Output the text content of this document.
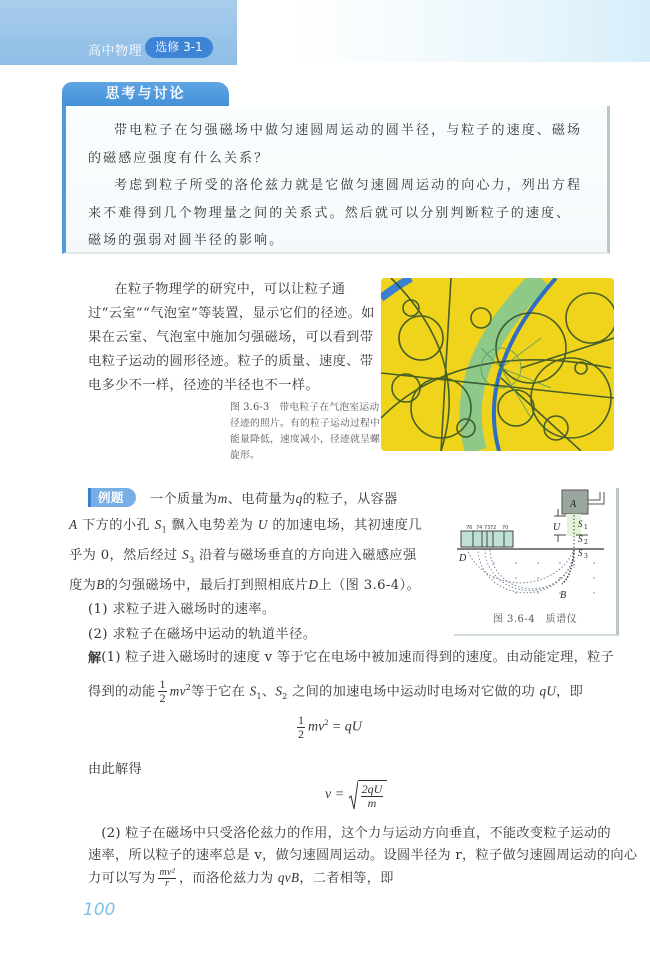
高中物理	选修 3-1
思考与讨论

带电粒子在匀强磁场中做匀速圆周运动的圆半径，与粒子的速度、磁场的磁感应强度有什么关系？

考虑到粒子所受的洛伦兹力就是它做匀速圆周运动的向心力，列出方程来不难得到几个物理量之间的关系式。然后就可以分别判断粒子的速度、磁场的强弱对圆半径的影响。

在粒子物理学的研究中，可以让粒子通过“云室”“气泡室”等装置，显示它们的径迹。如果在云室、气泡室中施加匀强磁场，可以看到带电粒子运动的圆形径迹。粒子的质量、速度、带电多少不一样，径迹的半径也不一样。
图 3.6-3　带电粒子在气泡室运动径迹的照片。有的粒子运动过程中能量降低，速度减小，径迹就呈螺旋形。
例题 一个质量为m、电荷量为q的粒子，从容器
A 下方的小孔 $S_1$ 飘入电势差为 U 的加速电场，其初速度几
乎为 0，然后经过 $S_3$ 沿着与磁场垂直的方向进入磁感应强
度为B的匀强磁场中，最后打到照相底片D上（图 3.6-4）。
(1) 求粒子进入磁场时的速率。
(2) 求粒子在磁场中运动的轨道半径。
解
A
U S 1
S 2
76 74 73 72 70
D	S 3
B
图 3.6-4　质谱仪
(1) 粒子进入磁场时的速度 v 等于它在电场中被加速而得到的速度。由动能定理，粒子
得到的动能 $\frac{1}{2} mv^2$等于它在 $S_1$、$S_2$ 之间的加速电场中运动时电场对它做的功 qU，即
$\frac{1}{2} mv^2$ = qU
由此解得
$v = \frac{2qU}{m}$
(2) 粒子在磁场中只受洛伦兹力的作用，这个力与运动方向垂直，不能改变粒子运动的
速率，所以粒子的速率总是 v，做匀速圆周运动。设圆半径为 r，粒子做匀速圆周运动的向心
力可以写为 $\frac{\text{mv²}}{r}$ ，而洛伦兹力为 qvB，二者相等，即
100
